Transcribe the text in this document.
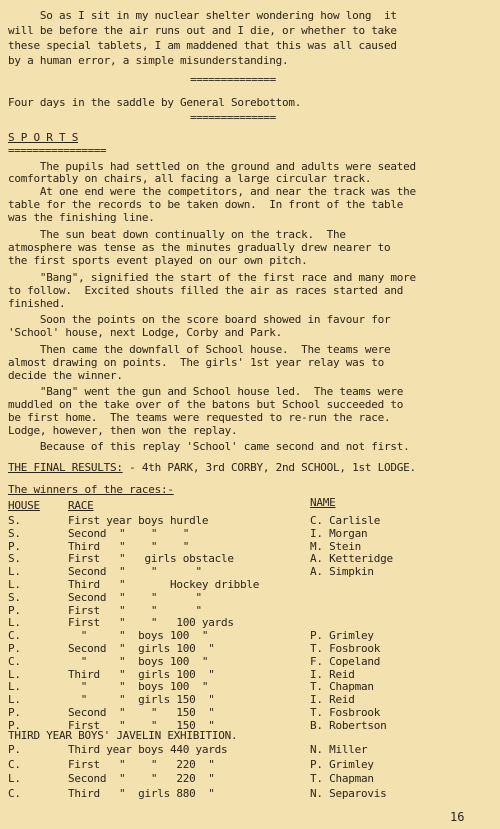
So as I sit in my nuclear shelter wondering how long  it
will be before the air runs out and I die, or whether to take
these special tablets, I am maddened that this was all caused
by a human error, a simple misunderstanding.
==============
Four days in the saddle by General Sorebottom.
==============
S P O R T S
================
The pupils had settled on the ground and adults were seated
comfortably on chairs, all facing a large circular track.
At one end were the competitors, and near the track was the
table for the records to be taken down.  In front of the table
was the finishing line.
The sun beat down continually on the track.  The
atmosphere was tense as the minutes gradually drew nearer to
the first sports event played on our own pitch.
"Bang", signified the start of the first race and many more
to follow.  Excited shouts filled the air as races started and
finished.
Soon the points on the score board showed in favour for
'School' house, next Lodge, Corby and Park.
Then came the downfall of School house.  The teams were
almost drawing on points.  The girls' 1st year relay was to
decide the winner.
"Bang" went the gun and School house led.  The teams were
muddled on the take over of the batons but School succeeded to
be first home.  The teams were requested to re-run the race.
Lodge, however, then won the replay.
Because of this replay 'School' came second and not first.
THE FINAL RESULTS: - 4th PARK, 3rd CORBY, 2nd SCHOOL, 1st LODGE.
The winners of the races:-
HOUSE	RACE	NAME
S.	First year boys hurdle	C. Carlisle
S.	Second  "    "    "	I. Morgan
P.	Third   "    "    "	M. Stein
S.	First   "   girls obstacle	A. Ketteridge
L.	Second  "    "      "	A. Simpkin
L.	Third   "       Hockey dribble
S.	Second  "    "      "
P.	First   "    "      "
L.	First   "    "   100 yards
C.	"     "  boys 100  "	P. Grimley
P.	Second  "  girls 100  "	T. Fosbrook
C.	"     "  boys 100  "	F. Copeland
L.	Third   "  girls 100  "	I. Reid
L.	"     "  boys 100  "	T. Chapman
L.	"     "  girls 150  "	I. Reid
P.	Second  "    "   150  "	T. Fosbrook
P.	First   "    "   150  "	B. Robertson
THIRD YEAR BOYS' JAVELIN EXHIBITION.
P.	Third year boys 440 yards	N. Miller
C.	First   "    "   220  "	P. Grimley
L.	Second  "    "   220  "	T. Chapman
C.	Third   "  girls 880  "	N. Separovis
16
